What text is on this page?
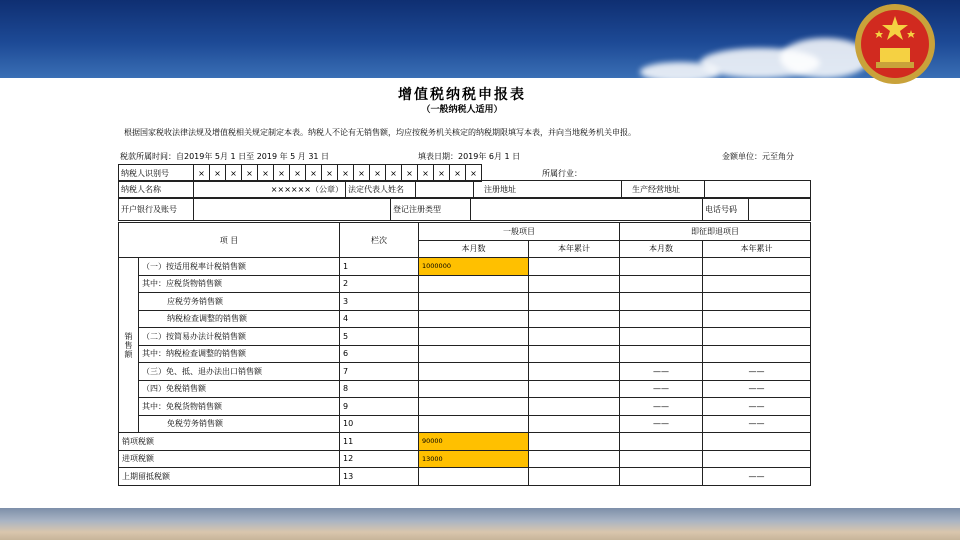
增值税纳税申报表
（一般纳税人适用）
根据国家税收法律法规及增值税相关规定制定本表。纳税人不论有无销售额，均应按税务机关核定的纳税期限填写本表，并向当地税务机关申报。
税款所属时间：自2019年 5月 1 日至 2019 年 5 月 31 日	填表日期：2019年 6月 1 日	金额单位：元至角分
纳税人识别号	×	×	×	×	×	×	×	×	×	×	×	×	×	×	×	×	×	×	所属行业：
纳税人名称	××××××（公章）	法定代表人姓名		注册地址	生产经营地址	
开户银行及账号		登记注册类型		电话号码	
项 目		栏次	一般项目		即征即退项目	
			本月数	本年累计	本月数	本年累计
销售额	（一）按适用税率计税销售额	1	1000000			
	其中：应税货物销售额	2				
	应税劳务销售额	3				
	纳税检查调整的销售额	4				
	（二）按简易办法计税销售额	5				
	其中：纳税检查调整的销售额	6				
	（三）免、抵、退办法出口销售额	7			——	——
	（四）免税销售额	8			——	——
	其中：免税货物销售额	9			——	——
	免税劳务销售额	10			——	——
销项税额		11	90000			
进项税额		12	13000			
上期留抵税额		13				——
